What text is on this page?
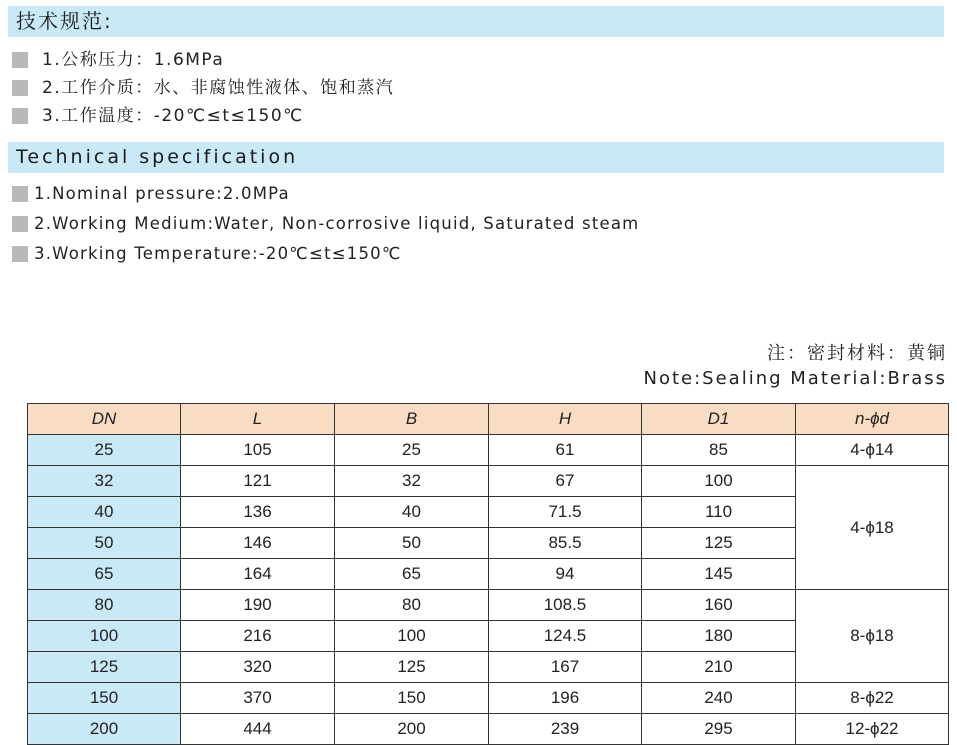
技术规范:
1.公称压力：1.6MPa
2.工作介质：水、非腐蚀性液体、饱和蒸汽
3.工作温度：-20℃≤t≤150℃
Technical specification
1.Nominal pressure:2.0MPa
2.Working Medium:Water, Non-corrosive liquid, Saturated steam
3.Working Temperature:-20℃≤t≤150℃
注：密封材料：黄铜
Note:Sealing Material:Brass
DN	L	B	H	D1	n-ϕd
25	105	25	61	85	4-ϕ14
32	121	32	67	100	4-ϕ18
40	136	40	71.5	110	
50	146	50	85.5	125	
65	164	65	94	145	
80	190	80	108.5	160	8-ϕ18
100	216	100	124.5	180	
125	320	125	167	210	
150	370	150	196	240	8-ϕ22
200	444	200	239	295	12-ϕ22
